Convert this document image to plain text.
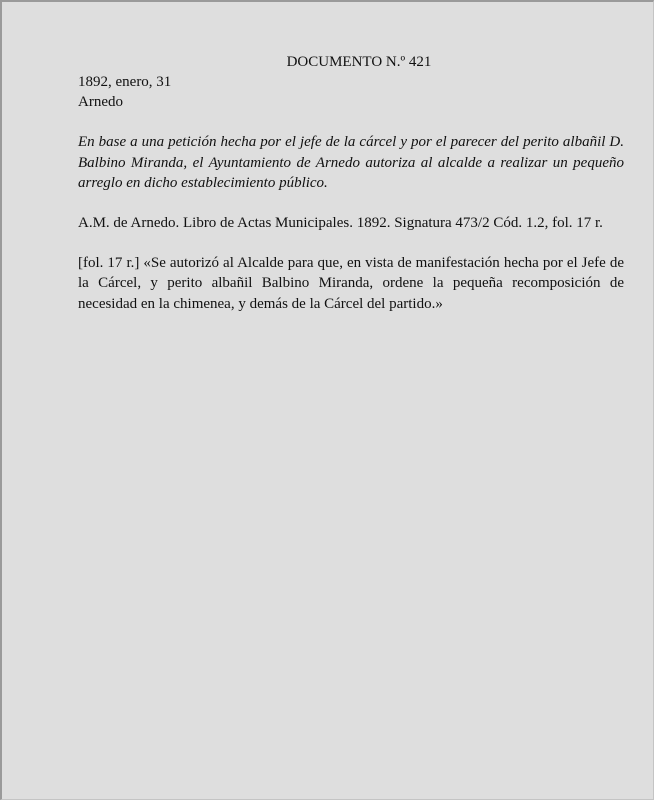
DOCUMENTO N.º 421

1892, enero, 31

Arnedo

En base a una petición hecha por el jefe de la cárcel y por el parecer del perito albañil D. Balbino Miranda, el Ayuntamiento de Arnedo autoriza al alcalde a realizar un pequeño arreglo en dicho establecimiento público.

A.M. de Arnedo. Libro de Actas Municipales. 1892. Signatura 473/2 Cód. 1.2, fol. 17 r.

[fol. 17 r.] «Se autorizó al Alcalde para que, en vista de manifestación hecha por el Jefe de la Cárcel, y perito albañil Balbino Miranda, ordene la pequeña recomposición de necesidad en la chimenea, y demás de la Cárcel del partido.»
